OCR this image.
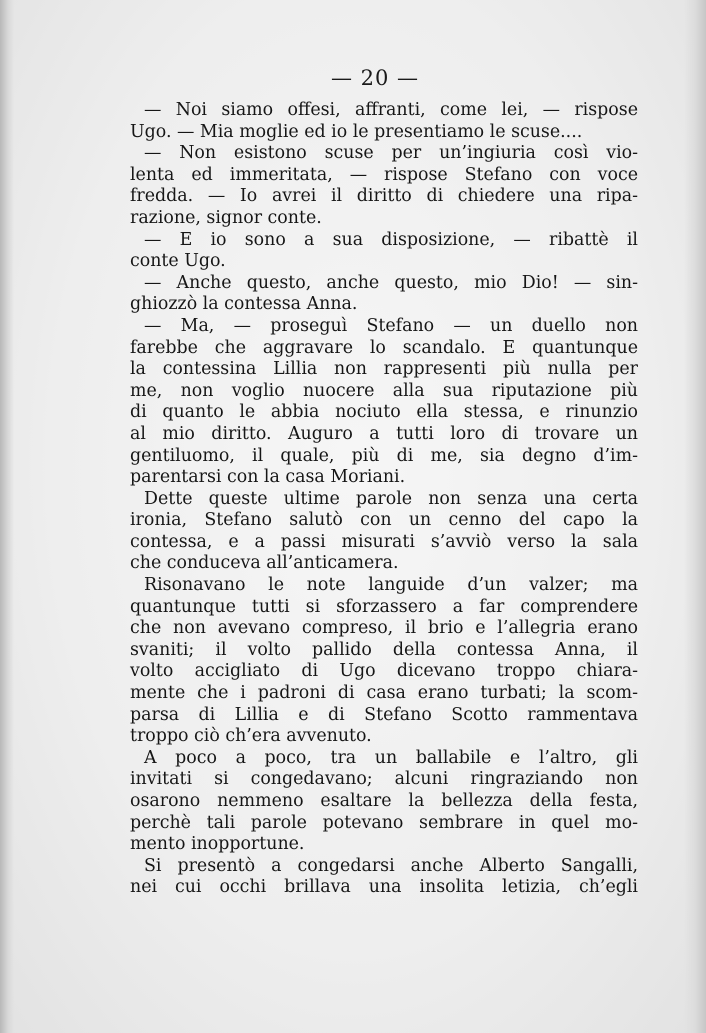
— 20 —
— Noi siamo offesi, affranti, come lei, — rispose
Ugo. — Mia moglie ed io le presentiamo le scuse....
— Non esistono scuse per un’ingiuria così vio-
lenta ed immeritata, — rispose Stefano con voce
fredda. — Io avrei il diritto di chiedere una ripa-
razione, signor conte.
— E io sono a sua disposizione, — ribattè il
conte Ugo.
— Anche questo, anche questo, mio Dio! — sin-
ghiozzò la contessa Anna.
— Ma, — proseguì Stefano — un duello non
farebbe che aggravare lo scandalo. E quantunque
la contessina Lillia non rappresenti più nulla per
me, non voglio nuocere alla sua riputazione più
di quanto le abbia nociuto ella stessa, e rinunzio
al mio diritto. Auguro a tutti loro di trovare un
gentiluomo, il quale, più di me, sia degno d’im-
parentarsi con la casa Moriani.
Dette queste ultime parole non senza una certa
ironia, Stefano salutò con un cenno del capo la
contessa, e a passi misurati s’avviò verso la sala
che conduceva all’anticamera.
Risonavano le note languide d’un valzer; ma
quantunque tutti si sforzassero a far comprendere
che non avevano compreso, il brio e l’allegria erano
svaniti; il volto pallido della contessa Anna, il
volto accigliato di Ugo dicevano troppo chiara-
mente che i padroni di casa erano turbati; la scom-
parsa di Lillia e di Stefano Scotto rammentava
troppo ciò ch’era avvenuto.
A poco a poco, tra un ballabile e l’altro, gli
invitati si congedavano; alcuni ringraziando non
osarono nemmeno esaltare la bellezza della festa,
perchè tali parole potevano sembrare in quel mo-
mento inopportune.
Si presentò a congedarsi anche Alberto Sangalli,
nei cui occhi brillava una insolita letizia, ch’egli
